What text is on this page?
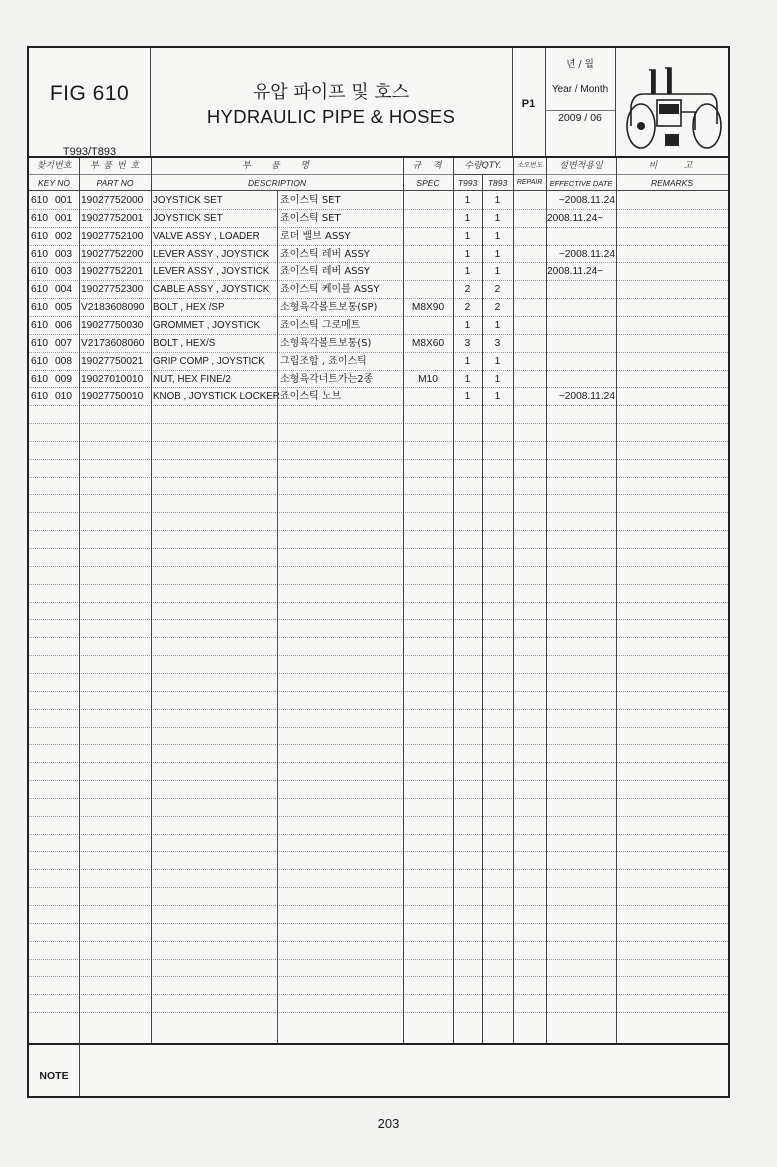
FIG 610
T993/T893
유압 파이프 및 호스
HYDRAULIC PIPE & HOSES
P1
년 / 월
Year / Month
2009 / 06
찾기번호
KEY NO
부 품 번 호
PART NO
부   품   명
DESCRIPTION
규  격
SPEC
수량QTY.
T993	T893
소모번도
REPAIR
설변적용일
EFFECTIVE DATE
비    고
REMARKS
610 001 19027752000 JOYSTICK SET	죠이스틱 SET	1	1	~2008.11.24
610 001 19027752001 JOYSTICK SET	죠이스틱 SET	1	1	2008.11.24~
610 002 19027752100 VALVE ASSY , LOADER	로더 밸브 ASSY	1	1
610 003 19027752200 LEVER ASSY , JOYSTICK	죠이스틱 레버 ASSY	1	1	~2008.11.24
610 003 19027752201 LEVER ASSY , JOYSTICK	죠이스틱 레버 ASSY	1	1	2008.11.24~
610 004 19027752300 CABLE ASSY , JOYSTICK	죠이스틱 케이블 ASSY	2	2
610 005 V2183608090 BOLT , HEX /SP	소형육각볼트보통(SP)	M8X90	2	2
610 006 19027750030 GROMMET , JOYSTICK	죠이스틱 그로메트	1	1
610 007 V2173608060 BOLT , HEX/S	소형육각볼트보통(S)	M8X60	3	3
610 008 19027750021 GRIP COMP , JOYSTICK	그립조합 , 죠이스틱	1	1
610 009 19027010010 NUT, HEX FINE/2	소형육각너트가는2종	M10	1	1
610 010 19027750010 KNOB , JOYSTICK LOCKER 죠이스틱 노브	1	1	~2008.11.24
NOTE
203
